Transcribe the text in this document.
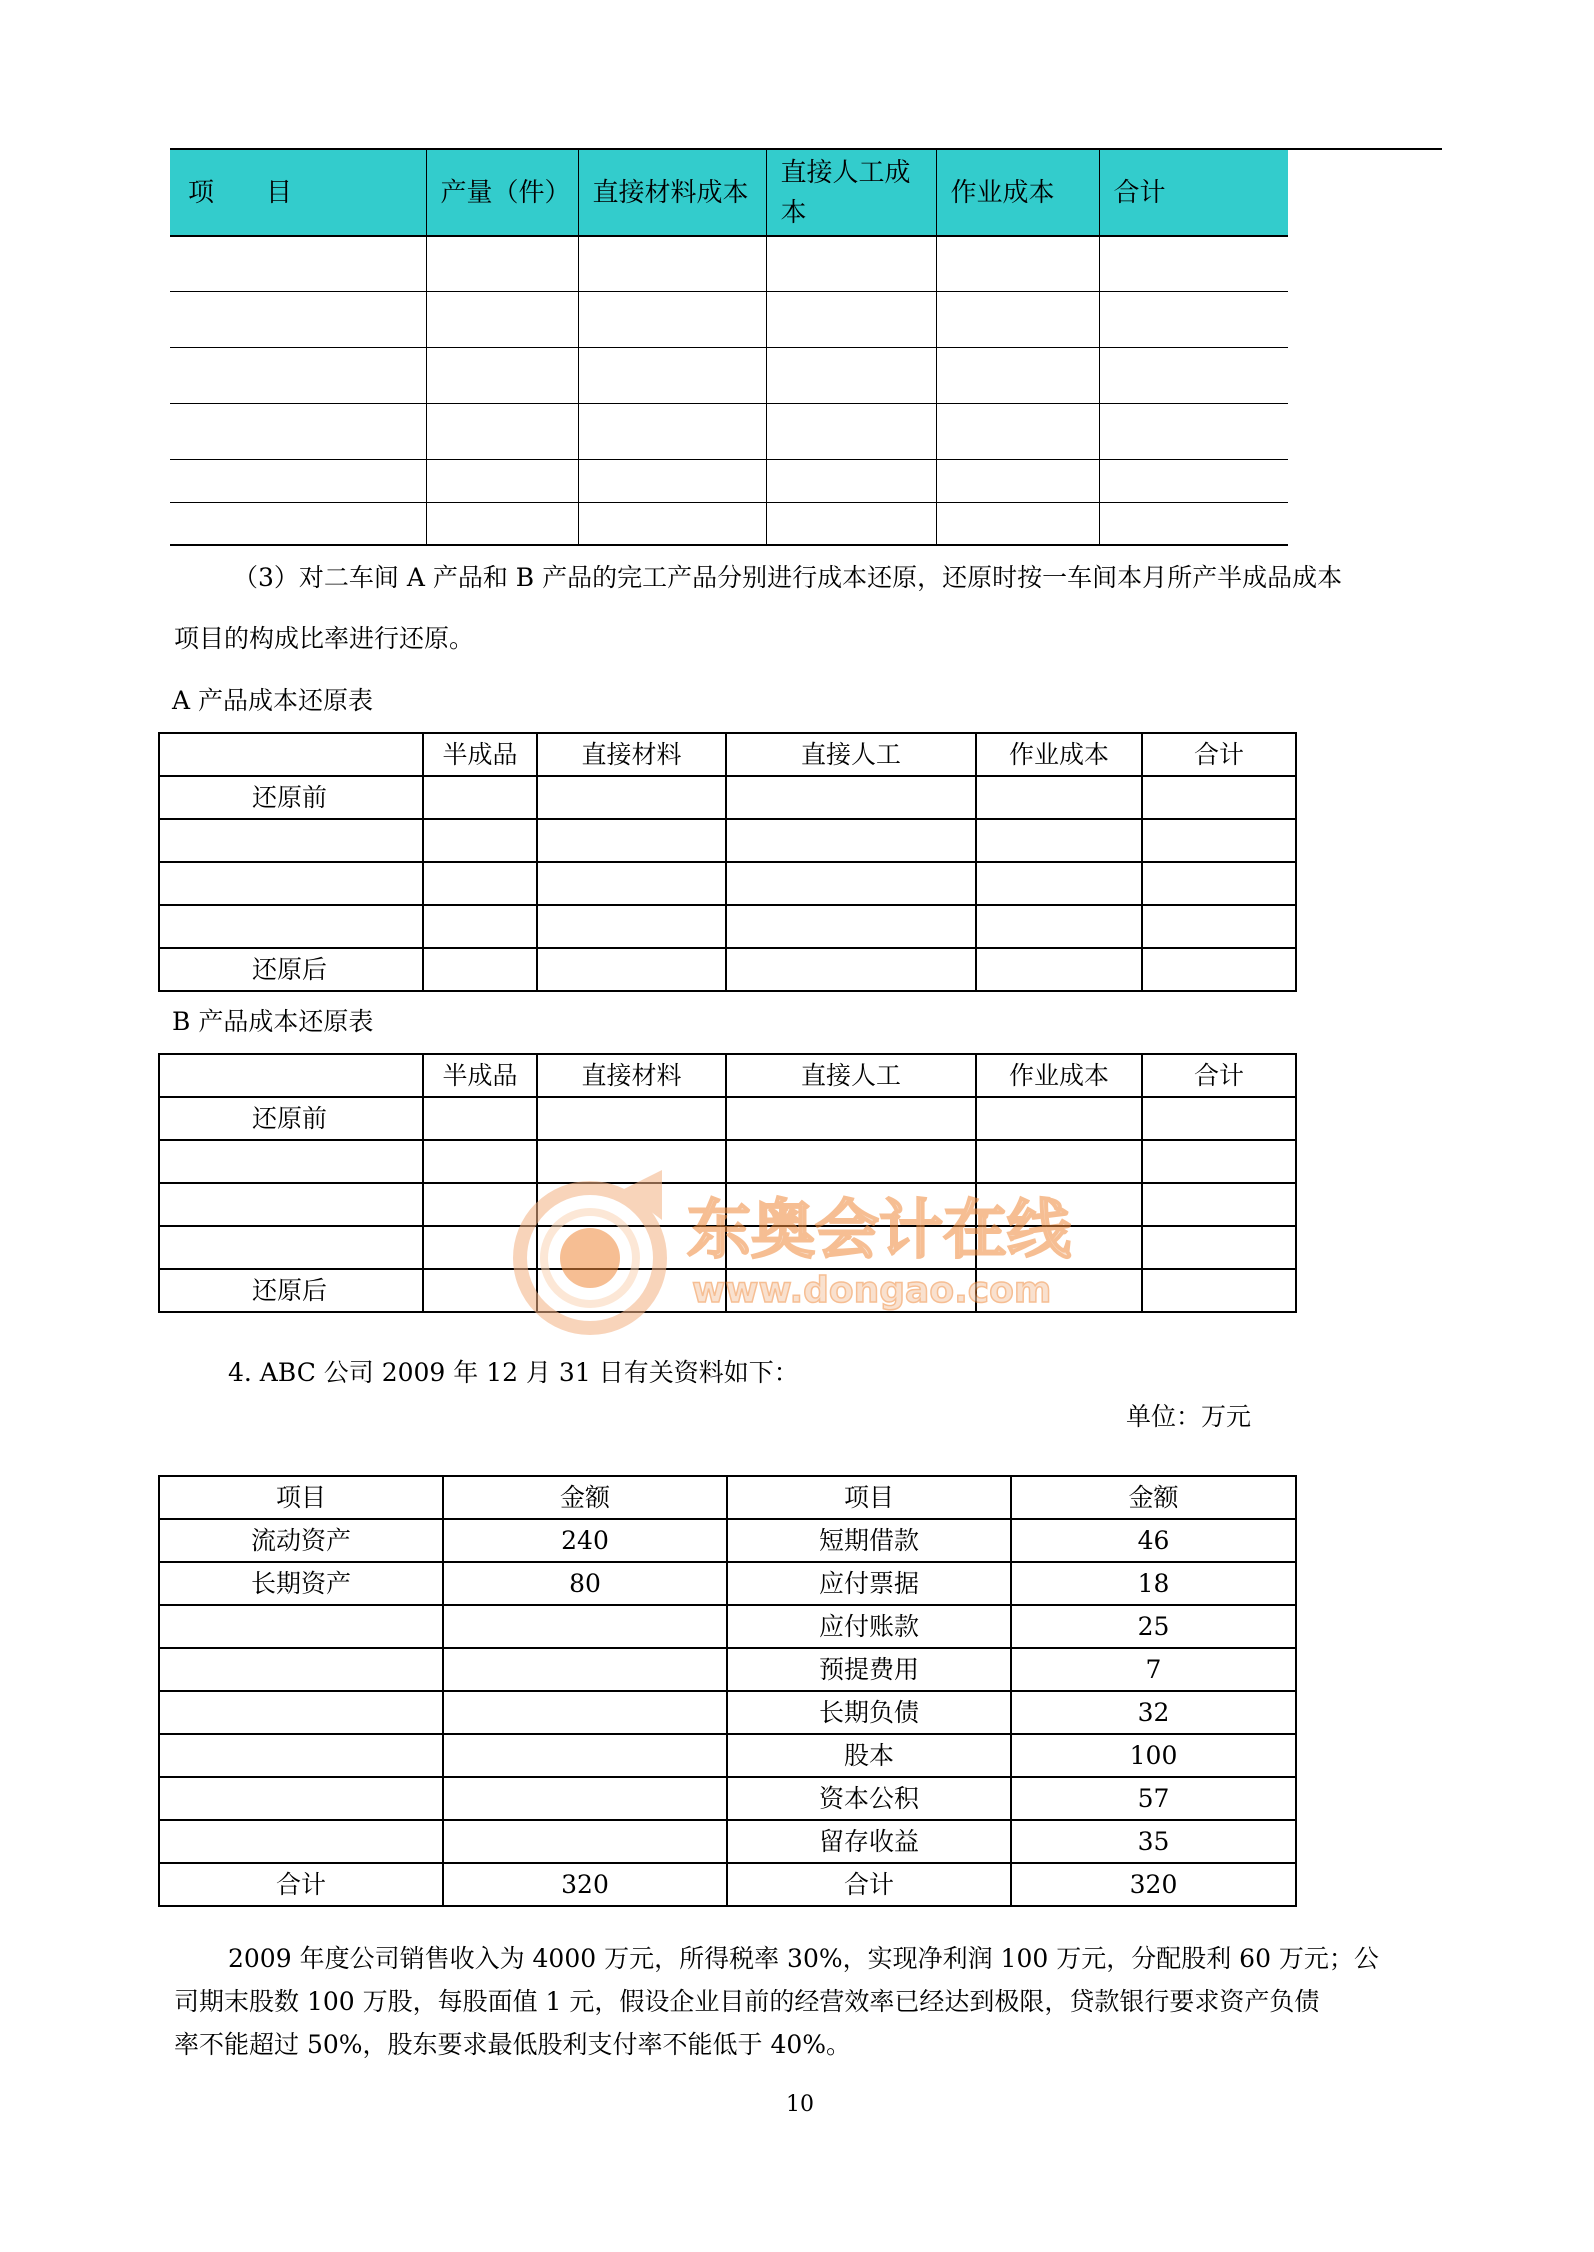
项　　目	产量（件）	直接材料成本	直接人工成本	作业成本	合计

（3）对二车间 A 产品和 B 产品的完工产品分别进行成本还原，还原时按一车间本月所产半成品成本
项目的构成比率进行还原。
A 产品成本还原表
	半成品	直接材料	直接人工	作业成本	合计
还原前					

还原后					
B 产品成本还原表
	半成品	直接材料	直接人工	作业成本	合计
还原前					

还原后					
东奥会计在线
www.dongao.com
4. ABC 公司 2009 年 12 月 31 日有关资料如下：
单位：万元
项目	金额	项目	金额
流动资产	240	短期借款	46
长期资产	80	应付票据	18
		应付账款	25
		预提费用	7
		长期负债	32
		股本	100
		资本公积	57
		留存收益	35
合计	320	合计	320
2009 年度公司销售收入为 4000 万元，所得税率 30%，实现净利润 100 万元，分配股利 60 万元；公
司期末股数 100 万股，每股面值 1 元，假设企业目前的经营效率已经达到极限，贷款银行要求资产负债
率不能超过 50%，股东要求最低股利支付率不能低于 40%。
10
